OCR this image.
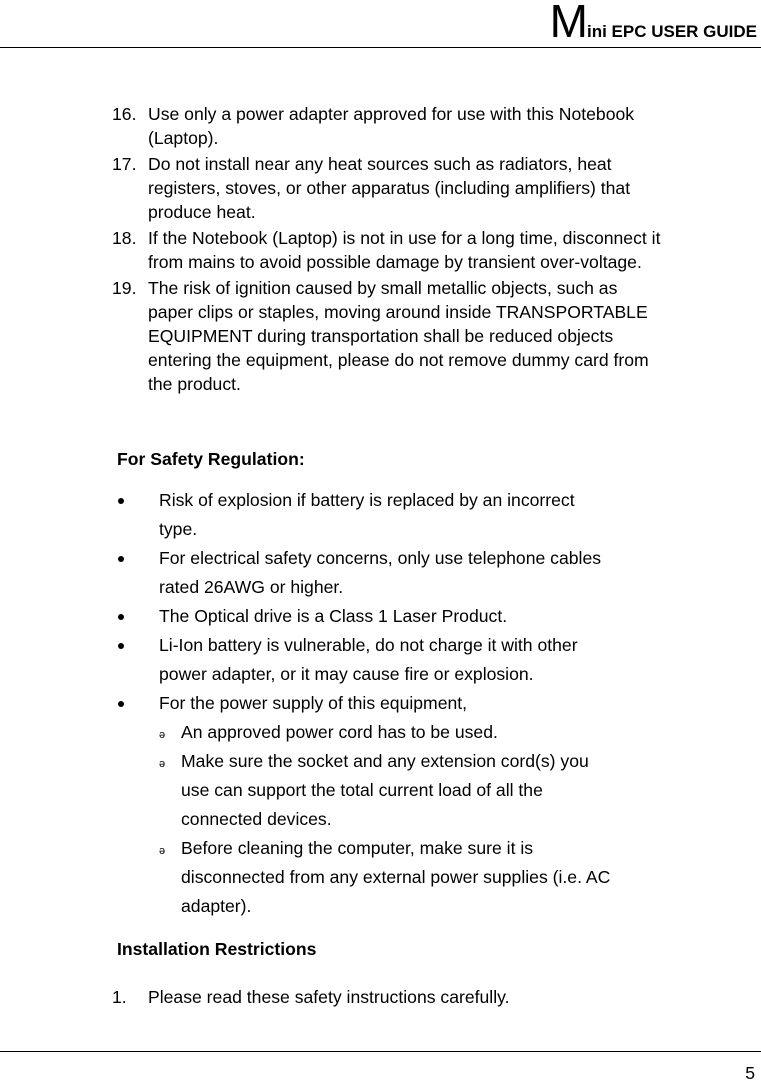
Mini EPC USER GUIDE
16. Use only a power adapter approved for use with this Notebook
(Laptop).
17. Do not install near any heat sources such as radiators, heat
registers, stoves, or other apparatus (including amplifiers) that
produce heat.
18. If the Notebook (Laptop) is not in use for a long time, disconnect it
from mains to avoid possible damage by transient over-voltage.
19. The risk of ignition caused by small metallic objects, such as
paper clips or staples, moving around inside TRANSPORTABLE
EQUIPMENT during transportation shall be reduced objects
entering the equipment, please do not remove dummy card from
the product.
For Safety Regulation:
Risk of explosion if battery is replaced by an incorrect
type.
For electrical safety concerns, only use telephone cables
rated 26AWG or higher.
The Optical drive is a Class 1 Laser Product.
Li-Ion battery is vulnerable, do not charge it with other
power adapter, or it may cause fire or explosion.
For the power supply of this equipment,
ə An approved power cord has to be used.
ə Make sure the socket and any extension cord(s) you
use can support the total current load of all the
connected devices.
ə Before cleaning the computer, make sure it is
disconnected from any external power supplies (i.e. AC
adapter).
Installation Restrictions
1.	Please read these safety instructions carefully.
5
